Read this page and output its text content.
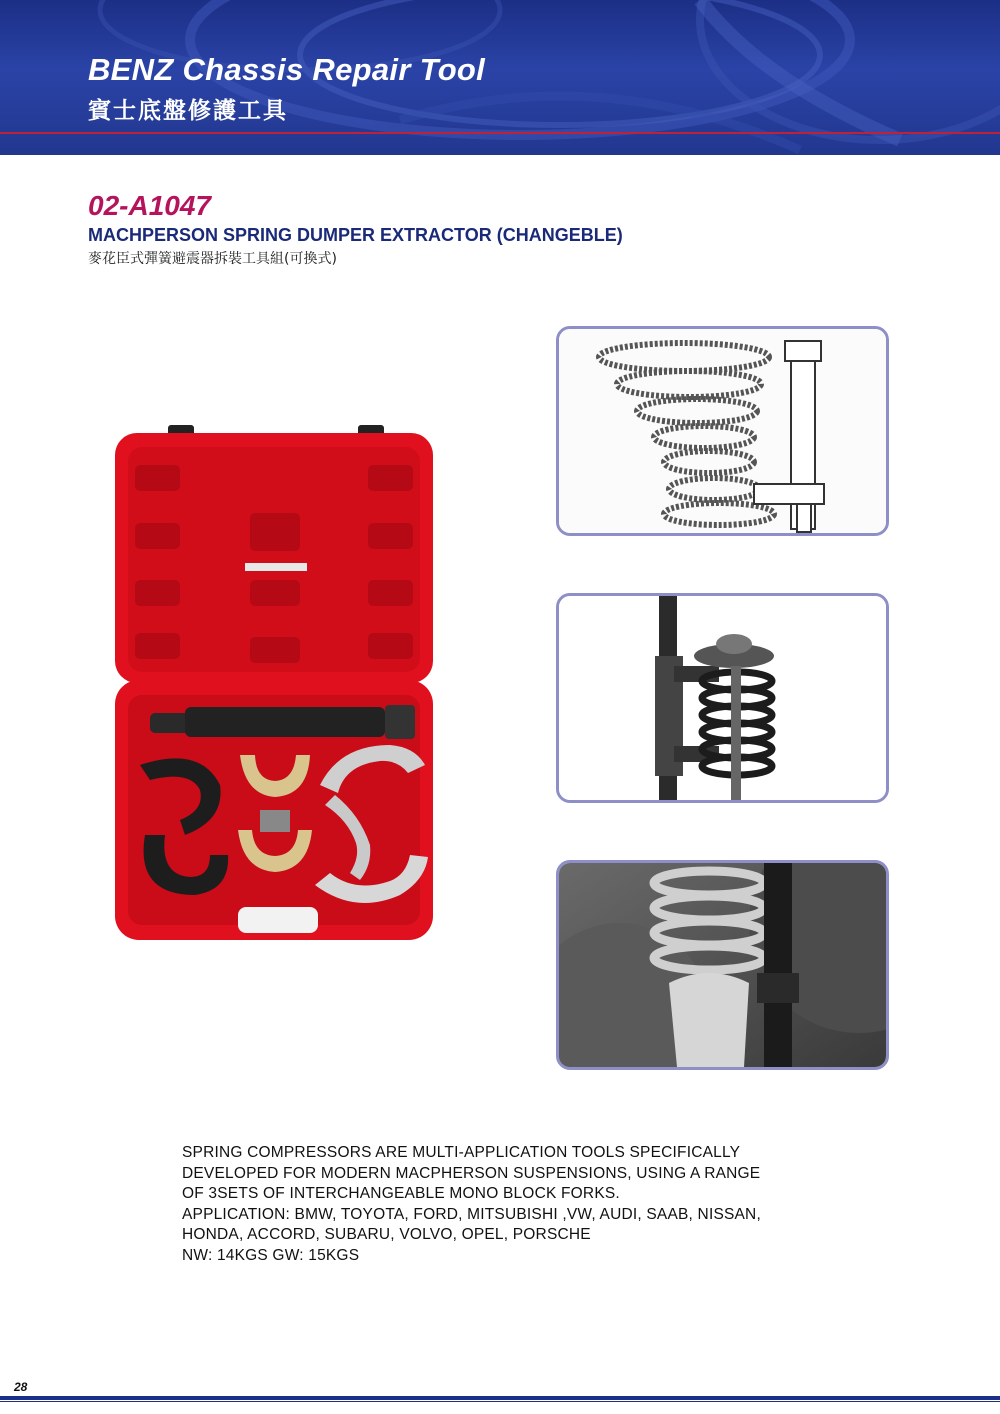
BENZ Chassis Repair Tool
賓士底盤修護工具
02-A1047
MACHPERSON SPRING DUMPER EXTRACTOR (CHANGEBLE)
麥花臣式彈簧避震器拆裝工具組(可換式)
SPRING COMPRESSORS ARE MULTI-APPLICATION TOOLS SPECIFICALLY
DEVELOPED FOR MODERN MACPHERSON SUSPENSIONS, USING A RANGE
OF 3SETS OF INTERCHANGEABLE MONO BLOCK FORKS.
APPLICATION: BMW, TOYOTA, FORD, MITSUBISHI ,VW, AUDI, SAAB, NISSAN,
HONDA, ACCORD, SUBARU, VOLVO, OPEL, PORSCHE
NW: 14KGS GW: 15KGS
28
